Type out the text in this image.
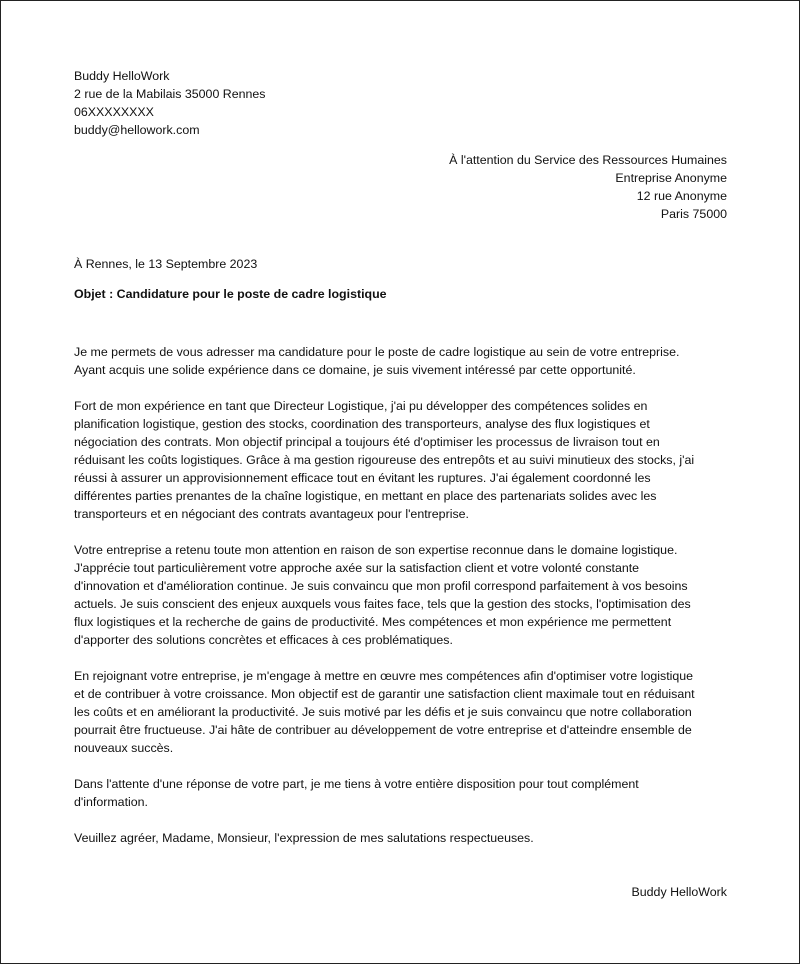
Buddy HelloWork
2 rue de la Mabilais 35000 Rennes
06XXXXXXXX
buddy@hellowork.com
À l'attention du Service des Ressources Humaines
Entreprise Anonyme
12 rue Anonyme
Paris 75000
À Rennes, le 13 Septembre 2023
Objet : Candidature pour le poste de cadre logistique
Je me permets de vous adresser ma candidature pour le poste de cadre logistique au sein de votre entreprise.
Ayant acquis une solide expérience dans ce domaine, je suis vivement intéressé par cette opportunité.
Fort de mon expérience en tant que Directeur Logistique, j'ai pu développer des compétences solides en
planification logistique, gestion des stocks, coordination des transporteurs, analyse des flux logistiques et
négociation des contrats. Mon objectif principal a toujours été d'optimiser les processus de livraison tout en
réduisant les coûts logistiques. Grâce à ma gestion rigoureuse des entrepôts et au suivi minutieux des stocks, j'ai
réussi à assurer un approvisionnement efficace tout en évitant les ruptures. J'ai également coordonné les
différentes parties prenantes de la chaîne logistique, en mettant en place des partenariats solides avec les
transporteurs et en négociant des contrats avantageux pour l'entreprise.
Votre entreprise a retenu toute mon attention en raison de son expertise reconnue dans le domaine logistique.
J'apprécie tout particulièrement votre approche axée sur la satisfaction client et votre volonté constante
d'innovation et d'amélioration continue. Je suis convaincu que mon profil correspond parfaitement à vos besoins
actuels. Je suis conscient des enjeux auxquels vous faites face, tels que la gestion des stocks, l'optimisation des
flux logistiques et la recherche de gains de productivité. Mes compétences et mon expérience me permettent
d'apporter des solutions concrètes et efficaces à ces problématiques.
En rejoignant votre entreprise, je m'engage à mettre en œuvre mes compétences afin d'optimiser votre logistique
et de contribuer à votre croissance. Mon objectif est de garantir une satisfaction client maximale tout en réduisant
les coûts et en améliorant la productivité. Je suis motivé par les défis et je suis convaincu que notre collaboration
pourrait être fructueuse. J'ai hâte de contribuer au développement de votre entreprise et d'atteindre ensemble de
nouveaux succès.
Dans l'attente d'une réponse de votre part, je me tiens à votre entière disposition pour tout complément
d'information.
Veuillez agréer, Madame, Monsieur, l'expression de mes salutations respectueuses.
Buddy HelloWork
